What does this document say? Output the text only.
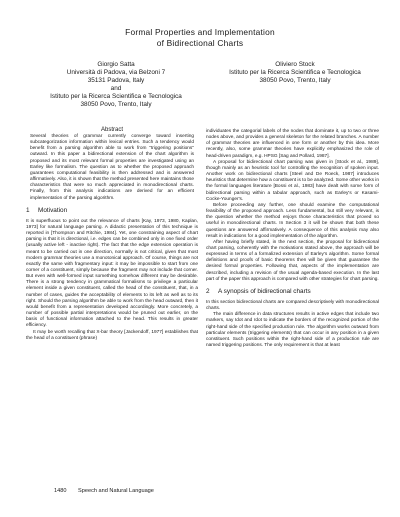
Formal Properties and Implementation
of Bidirectional Charts
Giorgio Satta
Università di Padova, via Belzoni 7
35131 Padova, Italy
and
Istituto per la Ricerca Scientifica e Tecnologica
38050 Povo, Trento, Italy
Oliviero Stock
Istituto per la Ricerca Scientifica e Tecnologica
38050 Povo, Trento, Italy
Abstract

Several theories of grammar currently converge toward inserting subcategorization information within lexical entries. Such a tendency would benefit from a parsing algorithm able to work from "triggering positions" outward. In this paper a bidirectional extension of the chart algorithm is proposed and its most relevant formal properties are investigated using an Earley like formalism. The question as to whether the proposed approach guarantees computational feasibility is then addressed and is answered affirmatively. Also, it is shown that the method presented here maintains those characteristics that were so much appreciated in monodirectional charts. Finally, from this analysis indications are derived for an efficient implementation of the parsing algorithm.

1 Motivation

It is superfluous to point out the relevance of charts [Kay, 1973, 1980, Kaplan, 1973] for natural language parsing. A didactic presentation of this technique is reported in [Thompson and Ritchie, 1984]. Yet, one constraining aspect of chart parsing is that it is directional, i.e. edges can be combined only in one fixed order (usually active left - inactive right). The fact that the edge extension operation is meant to be carried out in one direction, normally is not critical, given that most modern grammar theories use a monotonical approach. Of course, things are not exactly the same with fragmentary input: it may be impossible to start from one corner of a constituent, simply because the fragment may not include that corner. But even with well-formed input something somehow different may be desirable. There is a strong tendency in grammatical formalisms to privilege a particular element inside a given constituent, called the head of the constituent, that, in a number of cases, guides the acceptability of elements to its left as well as to its right. Should the parsing algorithm be able to work from the head outward, then it would benefit from a representation developed accordingly. More concretely, a number of possible partial interpretations would be pruned out earlier, on the basis of functional information attached to the head. This results in greater efficiency.

It may be worth recalling that X-bar theory [Jackendoff, 1977] establishes that the head of a constituent (phrase)

individuates the categorial labels of the nodes that dominate it, up to two or three nodes above, and provides a general skeleton for the related branches. A number of grammar theories are influenced in one form or another by this idea. More recently, also, some grammar theories have explicitly emphasized the role of head-driven paradigm, e.g. HPSG [Sag and Pollard, 1987].

A proposal for bidirectional chart parsing was given in [Stock et al., 1989], though mainly as an heuristic tool for controlling the recognition of spoken input. Another work on bidirectional charts [Steel and De Roeck, 1987] introduces heuristics that determine how a constituent is to be analyzed. Some other works in the formal languages literature [Bossi et al., 1983] have dealt with some form of bidirectional parsing within a tabular approach, such as Earley's or Kasami-Cocke-Younger's.

Before proceeding any further, one should examine the computational feasibility of the proposed approach. Less fundamental, but still very relevant, is the question whether the method enjoys those characteristics that proved so useful in monodirectional charts. In Section 3 it will be shown that both these questions are answered affirmatively. A consequence of this analysis may also result in indications for a good implementation of the algorithm.

After having briefly stated, in the next section, the proposal for bidirectional chart parsing, coherently with the motivations stated above, the approach will be expressed in terms of a formalized extension of Earley's algorithm. Some formal definitions and proofs of basic theorems then will be given that guarantee the desired formal properties. Following that, aspects of the implementation are described, including a revision of the usual agenda-based execution. In the last part of the paper this approach is compared with other strategies for chart parsing.

2 A synopsis of bidirectional charts

In this section bidirectional charts are compared descriptively with monodirectional charts.

The main difference in data structures results in active edges that include two markers, say Idot and rdot to indicate the borders of the recognized portion of the right-hand side of the specified production rule. The algorithm works outward from particular elements (triggering elements) that can occur in any position in a given constituent. Such positions within the right-hand side of a production rule are named triggering positions. The only requirement is that at least

1480 Speech and Natural Language
